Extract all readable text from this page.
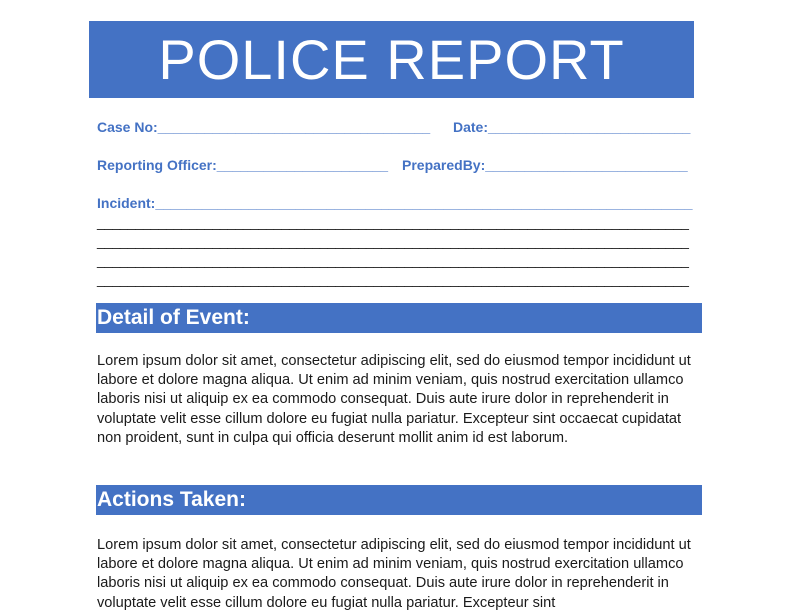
POLICE REPORT
Case No:___________________________________ Date:__________________________
Reporting Officer:______________________ PreparedBy:__________________________
Incident:_____________________________________________________________________
_____________________________________________________________________________
_____________________________________________________________________________
_____________________________________________________________________________
_____________________________________________________________________________
Detail of Event:

Lorem ipsum dolor sit amet, consectetur adipiscing elit, sed do eiusmod tempor incididunt ut labore et dolore magna aliqua. Ut enim ad minim veniam, quis nostrud exercitation ullamco laboris nisi ut aliquip ex ea commodo consequat. Duis aute irure dolor in reprehenderit in voluptate velit esse cillum dolore eu fugiat nulla pariatur. Excepteur sint occaecat cupidatat non proident, sunt in culpa qui officia deserunt mollit anim id est laborum.

Actions Taken:

Lorem ipsum dolor sit amet, consectetur adipiscing elit, sed do eiusmod tempor incididunt ut labore et dolore magna aliqua. Ut enim ad minim veniam, quis nostrud exercitation ullamco laboris nisi ut aliquip ex ea commodo consequat. Duis aute irure dolor in reprehenderit in voluptate velit esse cillum dolore eu fugiat nulla pariatur. Excepteur sint
